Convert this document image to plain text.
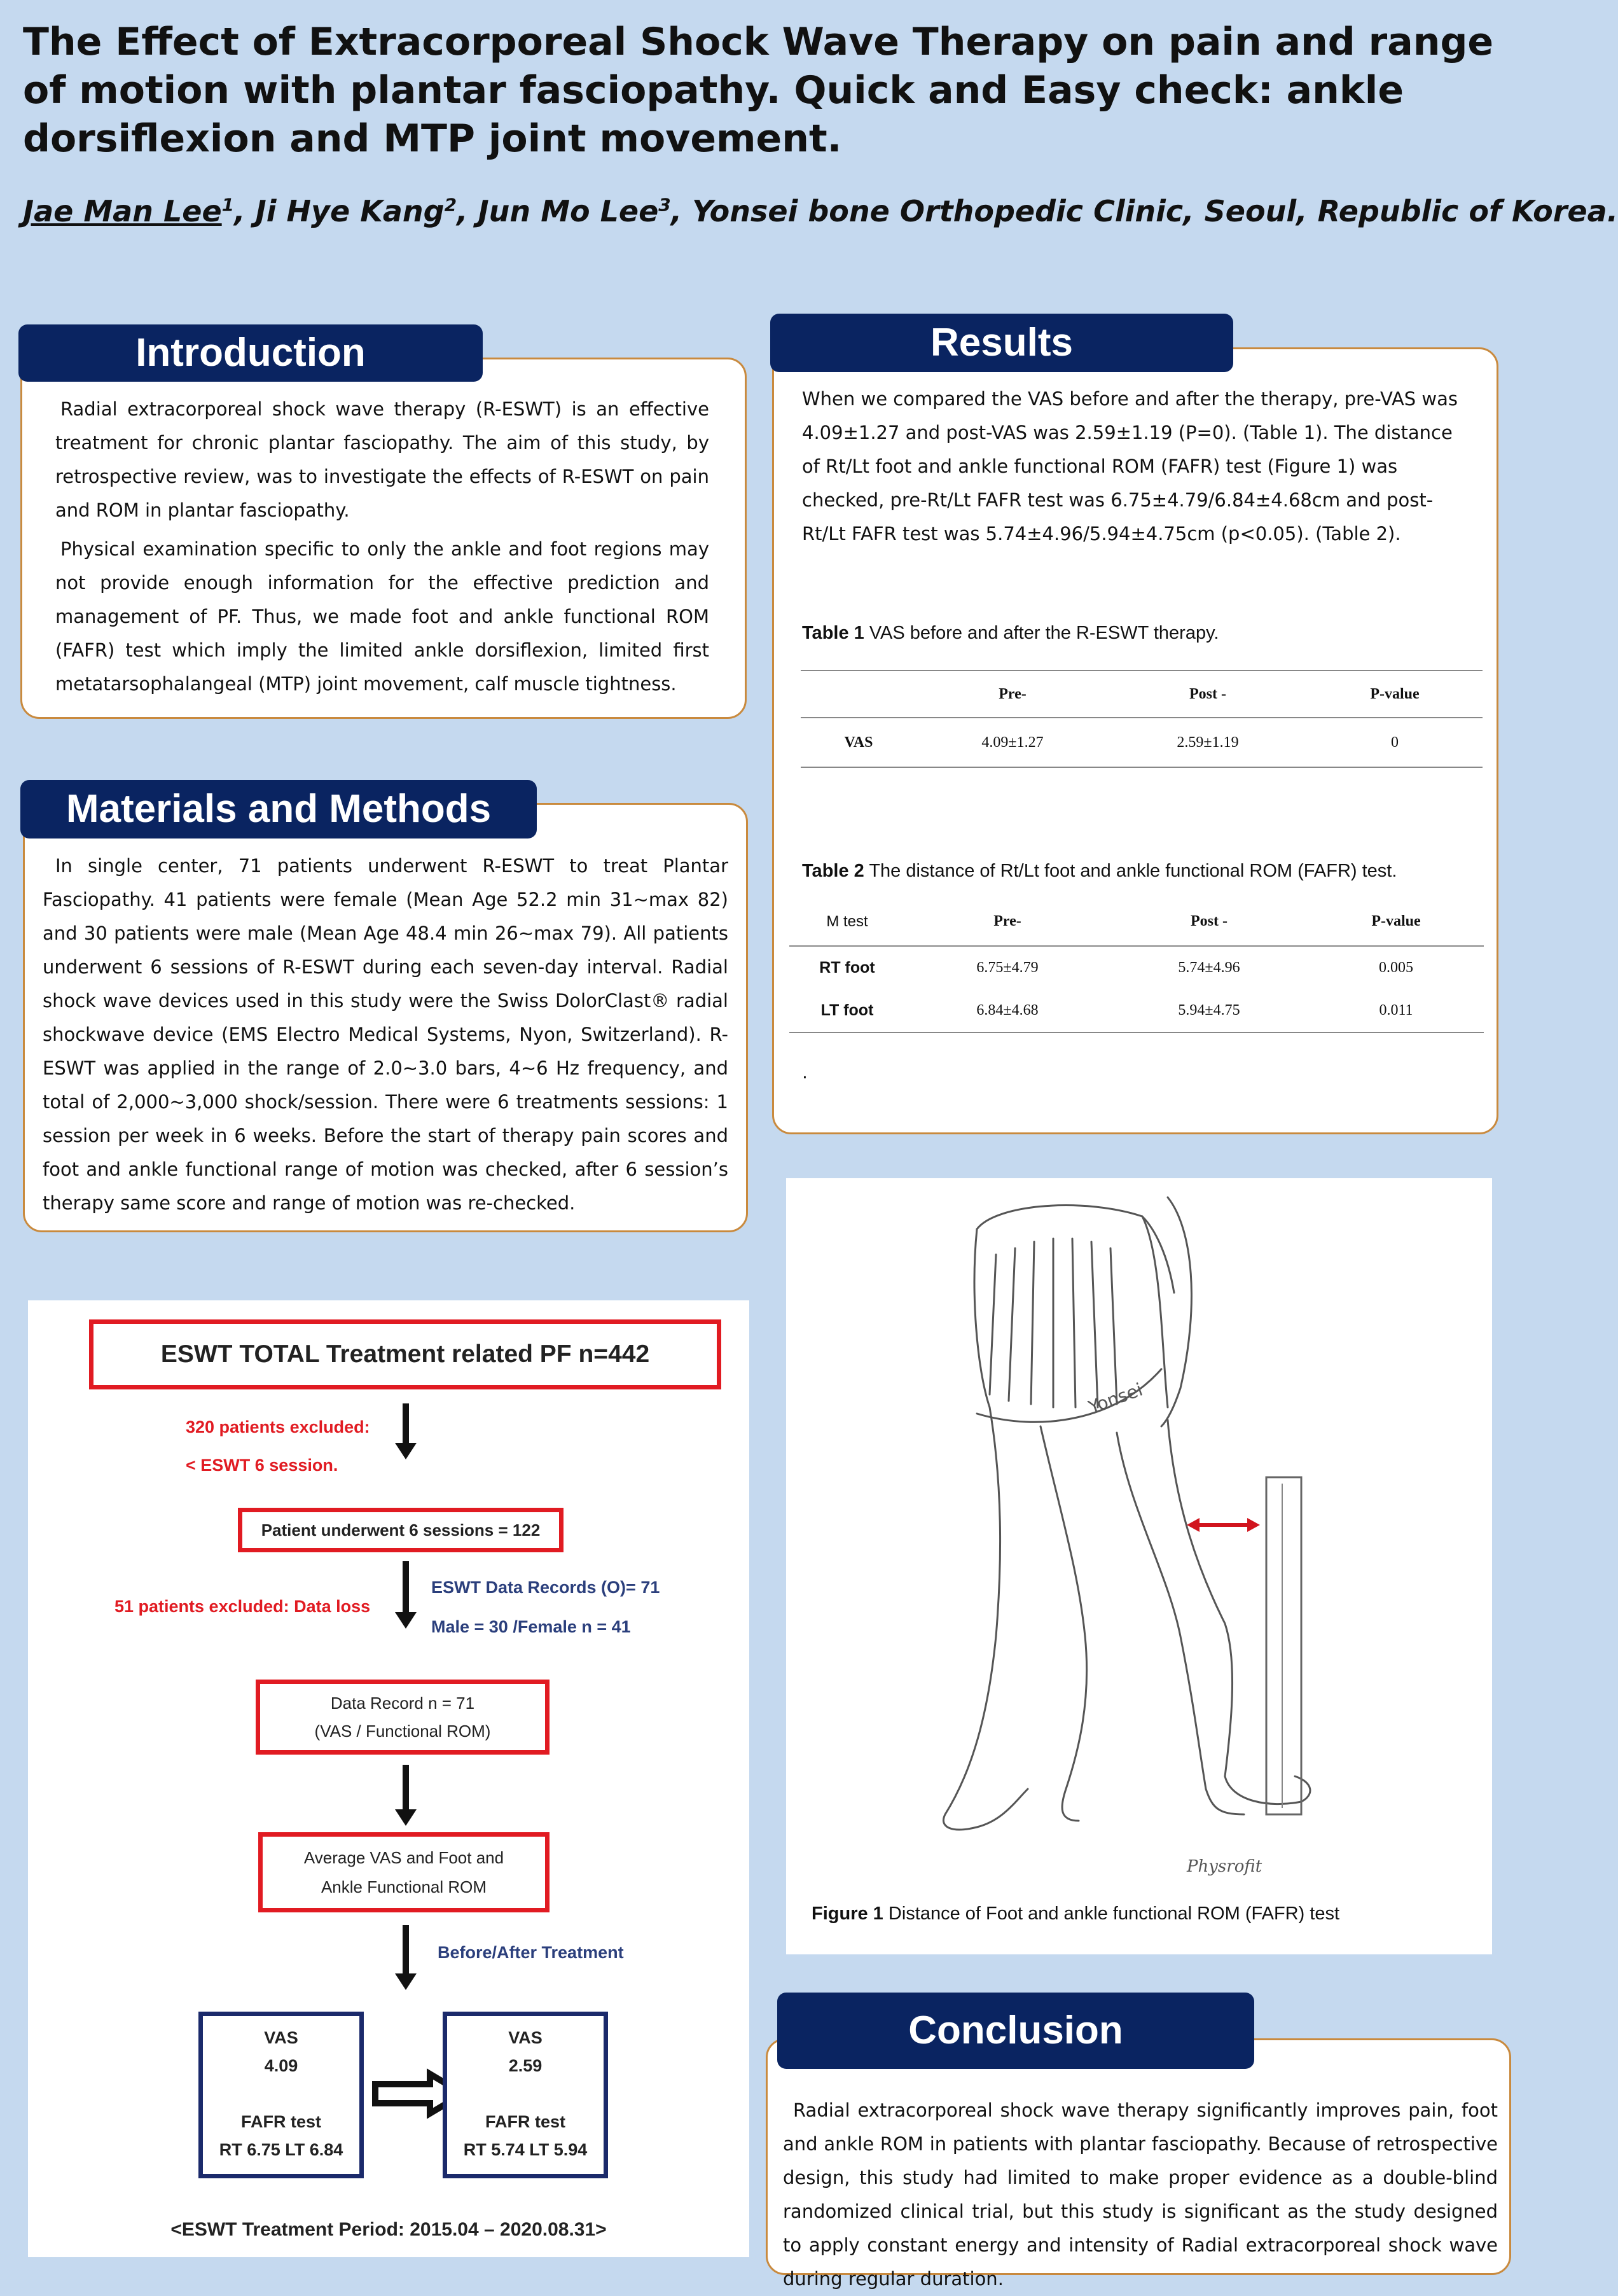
The Effect of Extracorporeal Shock Wave Therapy on pain and range of motion with plantar fasciopathy. Quick and Easy check: ankle dorsiflexion and MTP joint movement.
Jae Man Lee$^1$, Ji Hye Kang$^2$, Jun Mo Lee$^3$, Yonsei bone Orthopedic Clinic, Seoul, Republic of Korea.

Radial extracorporeal shock wave therapy (R-ESWT) is an effective treatment for chronic plantar fasciopathy. The aim of this study, by retrospective review, was to investigate the effects of R-ESWT on pain and ROM in plantar fasciopathy.

Physical examination specific to only the ankle and foot regions may not provide enough information for the effective prediction and management of PF. Thus, we made foot and ankle functional ROM (FAFR) test which imply the limited ankle dorsiflexion, limited first metatarsophalangeal (MTP) joint movement, calf muscle tightness.

Introduction

In single center, 71 patients underwent R-ESWT to treat Plantar Fasciopathy. 41 patients were female (Mean Age 52.2 min 31~max 82) and 30 patients were male (Mean Age 48.4 min 26~max 79). All patients underwent 6 sessions of R-ESWT during each seven-day interval. Radial shock wave devices used in this study were the Swiss DolorClast® radial shockwave device (EMS Electro Medical Systems, Nyon, Switzerland). R-ESWT was applied in the range of 2.0~3.0 bars, 4~6 Hz frequency, and total of 2,000~3,000 shock/session. There were 6 treatments sessions: 1 session per week in 6 weeks. Before the start of therapy pain scores and foot and ankle functional range of motion was checked, after 6 session’s therapy same score and range of motion was re-checked.

Materials and Methods

When we compared the VAS before and after the therapy, pre-VAS was 4.09±1.27 and post-VAS was 2.59±1.19 (P=0). (Table 1). The distance of Rt/Lt foot and ankle functional ROM (FAFR) test (Figure 1) was checked, pre-Rt/Lt FAFR test was 6.75±4.79/6.84±4.68cm and post-Rt/Lt FAFR test was 5.74±4.96/5.94±4.75cm (p<0.05). (Table 2).

Table 1 VAS before and after the R-ESWT therapy.
	Pre-	Post -	P-value
VAS	4.09±1.27	2.59±1.19	0
Table 2 The distance of Rt/Lt foot and ankle functional ROM (FAFR) test.
M test	Pre-	Post -	P-value
RT foot	6.75±4.79	5.74±4.96	0.005
LT foot	6.84±4.68	5.94±4.75	0.011
.
Results
ESWT TOTAL Treatment related PF n=442
320 patients excluded:
< ESWT 6 session.
Patient underwent 6 sessions = 122
51 patients excluded: Data loss
ESWT Data Records (O)= 71
Male = 30 /Female n = 41
Data Record n = 71
(VAS / Functional ROM)
Average VAS and Foot and
Ankle Functional ROM
Before/After Treatment
VAS
4.09
FAFR test
RT 6.75 LT 6.84
VAS
2.59
FAFR test
RT 5.74 LT 5.94
<ESWT Treatment Period: 2015.04 – 2020.08.31>
Yonsei
Physrofit
Figure 1 Distance of Foot and ankle functional ROM (FAFR) test

Radial extracorporeal shock wave therapy significantly improves pain, foot and ankle ROM in patients with plantar fasciopathy. Because of retrospective design, this study had limited to make proper evidence as a double-blind randomized clinical trial, but this study is significant as the study designed to apply constant energy and intensity of Radial extracorporeal shock wave during regular duration.

Conclusion
